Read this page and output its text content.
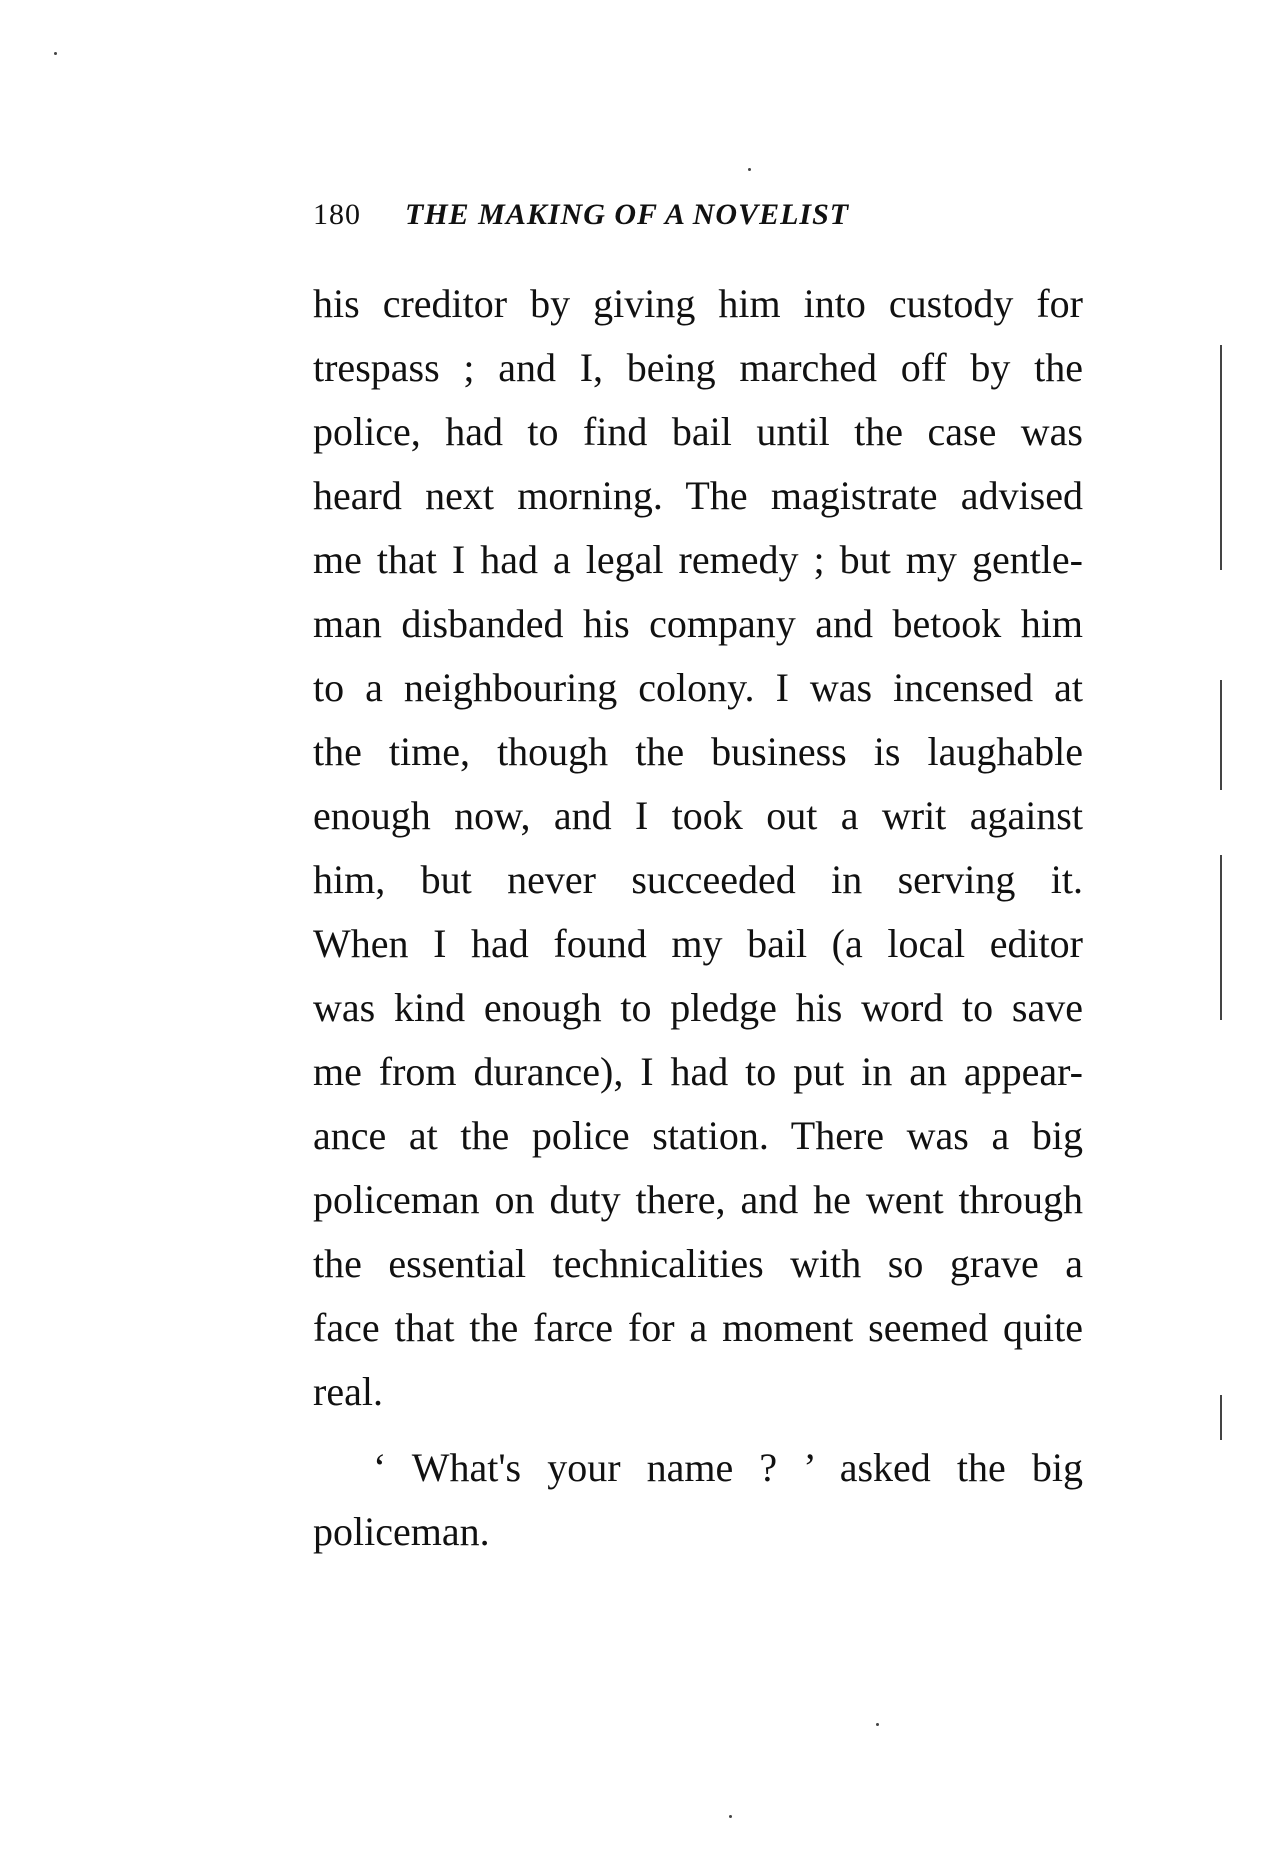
180 THE MAKING OF A NOVELIST
his creditor by giving him into custody for
trespass ; and I, being marched off by the
police, had to find bail until the case was
heard next morning. The magistrate advised
me that I had a legal remedy ; but my gentle-
man disbanded his company and betook him
to a neighbouring colony. I was incensed at
the time, though the business is laughable
enough now, and I took out a writ against
him, but never succeeded in serving it.
When I had found my bail (a local editor
was kind enough to pledge his word to save
me from durance), I had to put in an appear-
ance at the police station. There was a big
policeman on duty there, and he went through
the essential technicalities with so grave a
face that the farce for a moment seemed quite
real.
‘ What's your name ? ’ asked the big
policeman.
